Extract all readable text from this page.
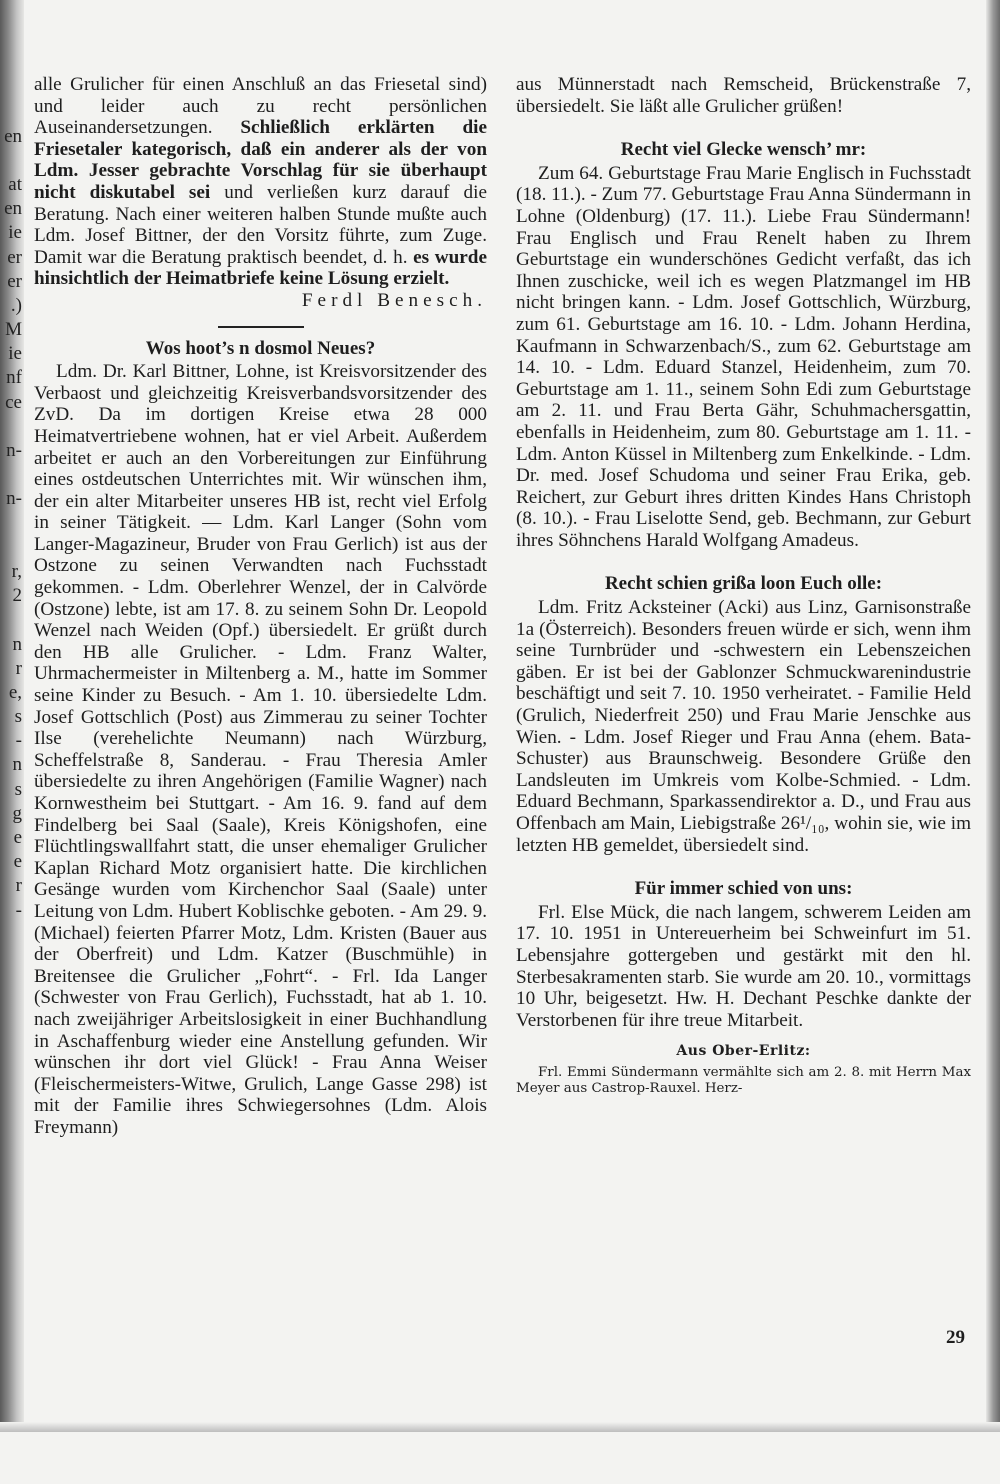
en
at
en
ie
er
er
.)
M
ie
nf
ce
n-
n-
r,
2
n
r
e,
s
-
n
s
g
e
e
r
-

alle Grulicher für einen Anschluß an das Friesetal sind) und leider auch zu recht persönlichen Auseinandersetzungen. Schließlich erklärten die Friesetaler kategorisch, daß ein anderer als der von Ldm. Jesser gebrachte Vorschlag für sie überhaupt nicht diskutabel sei und verließen kurz darauf die Beratung. Nach einer weiteren halben Stunde mußte auch Ldm. Josef Bittner, der den Vorsitz führte, zum Zuge. Damit war die Beratung praktisch beendet, d. h. es wurde hinsichtlich der Heimatbriefe keine Lösung erzielt.

Ferdl Benesch.
Wos hoot’s n dosmol Neues?

Ldm. Dr. Karl Bittner, Lohne, ist Kreisvorsitzender des Verbaost und gleichzeitig Kreisverbandsvorsitzender des ZvD. Da im dortigen Kreise etwa 28 000 Heimatvertriebene wohnen, hat er viel Arbeit. Außerdem arbeitet er auch an den Vorbereitungen zur Einführung eines ostdeutschen Unterrichtes mit. Wir wünschen ihm, der ein alter Mitarbeiter unseres HB ist, recht viel Erfolg in seiner Tätigkeit. — Ldm. Karl Langer (Sohn vom Langer-Magazineur, Bruder von Frau Gerlich) ist aus der Ostzone zu seinen Verwandten nach Fuchsstadt gekommen. - Ldm. Oberlehrer Wenzel, der in Calvörde (Ostzone) lebte, ist am 17. 8. zu seinem Sohn Dr. Leopold Wenzel nach Weiden (Opf.) übersiedelt. Er grüßt durch den HB alle Grulicher. - Ldm. Franz Walter, Uhrmachermeister in Miltenberg a. M., hatte im Sommer seine Kinder zu Besuch. - Am 1. 10. übersiedelte Ldm. Josef Gottschlich (Post) aus Zimmerau zu seiner Tochter Ilse (verehelichte Neumann) nach Würzburg, Scheffelstraße 8, Sanderau. - Frau Theresia Amler übersiedelte zu ihren Angehörigen (Familie Wagner) nach Kornwestheim bei Stuttgart. - Am 16. 9. fand auf dem Findelberg bei Saal (Saale), Kreis Königshofen, eine Flüchtlingswallfahrt statt, die unser ehemaliger Grulicher Kaplan Richard Motz organisiert hatte. Die kirchlichen Gesänge wurden vom Kirchenchor Saal (Saale) unter Leitung von Ldm. Hubert Koblischke geboten. - Am 29. 9. (Michael) feierten Pfarrer Motz, Ldm. Kristen (Bauer aus der Oberfreit) und Ldm. Katzer (Buschmühle) in Breitensee die Grulicher „Fohrt“. - Frl. Ida Langer (Schwester von Frau Gerlich), Fuchsstadt, hat ab 1. 10. nach zweijähriger Arbeitslosigkeit in einer Buchhandlung in Aschaffenburg wieder eine Anstellung gefunden. Wir wünschen ihr dort viel Glück! - Frau Anna Weiser (Fleischermeisters-Witwe, Grulich, Lange Gasse 298) ist mit der Familie ihres Schwiegersohnes (Ldm. Alois Freymann)

aus Münnerstadt nach Remscheid, Brückenstraße 7, übersiedelt. Sie läßt alle Grulicher grüßen!

Recht viel Glecke wensch’ mr:

Zum 64. Geburtstage Frau Marie Englisch in Fuchsstadt (18. 11.). - Zum 77. Geburtstage Frau Anna Sündermann in Lohne (Oldenburg) (17. 11.). Liebe Frau Sündermann! Frau Englisch und Frau Renelt haben zu Ihrem Geburtstage ein wunderschönes Gedicht verfaßt, das ich Ihnen zuschicke, weil ich es wegen Platzmangel im HB nicht bringen kann. - Ldm. Josef Gottschlich, Würzburg, zum 61. Geburtstage am 16. 10. - Ldm. Johann Herdina, Kaufmann in Schwarzenbach/S., zum 62. Geburtstage am 14. 10. - Ldm. Eduard Stanzel, Heidenheim, zum 70. Geburtstage am 1. 11., seinem Sohn Edi zum Geburtstage am 2. 11. und Frau Berta Gähr, Schuhmachersgattin, ebenfalls in Heidenheim, zum 80. Geburtstage am 1. 11. - Ldm. Anton Küssel in Miltenberg zum Enkelkinde. - Ldm. Dr. med. Josef Schudoma und seiner Frau Erika, geb. Reichert, zur Geburt ihres dritten Kindes Hans Christoph (8. 10.). - Frau Liselotte Send, geb. Bechmann, zur Geburt ihres Söhnchens Harald Wolfgang Amadeus.

Recht schien grißa loon Euch olle:

Ldm. Fritz Acksteiner (Acki) aus Linz, Garnisonstraße 1a (Österreich). Besonders freuen würde er sich, wenn ihm seine Turnbrüder und -schwestern ein Lebenszeichen gäben. Er ist bei der Gablonzer Schmuckwarenindustrie beschäftigt und seit 7. 10. 1950 verheiratet. - Familie Held (Grulich, Niederfreit 250) und Frau Marie Jenschke aus Wien. - Ldm. Josef Rieger und Frau Anna (ehem. Bata-Schuster) aus Braunschweig. Besondere Grüße den Landsleuten im Umkreis vom Kolbe-Schmied. - Ldm. Eduard Bechmann, Sparkassendirektor a. D., und Frau aus Offenbach am Main, Liebigstraße 26¹/₁₀, wohin sie, wie im letzten HB gemeldet, übersiedelt sind.

Für immer schied von uns:

Frl. Else Mück, die nach langem, schwerem Leiden am 17. 10. 1951 in Untereuerheim bei Schweinfurt im 51. Lebensjahre gottergeben und gestärkt mit den hl. Sterbesakramenten starb. Sie wurde am 20. 10., vormittags 10 Uhr, beigesetzt. Hw. H. Dechant Peschke dankte der Verstorbenen für ihre treue Mitarbeit.

Aus Ober-Erlitz:

Frl. Emmi Sündermann vermählte sich am 2. 8. mit Herrn Max Meyer aus Castrop-Rauxel. Herz-

29
